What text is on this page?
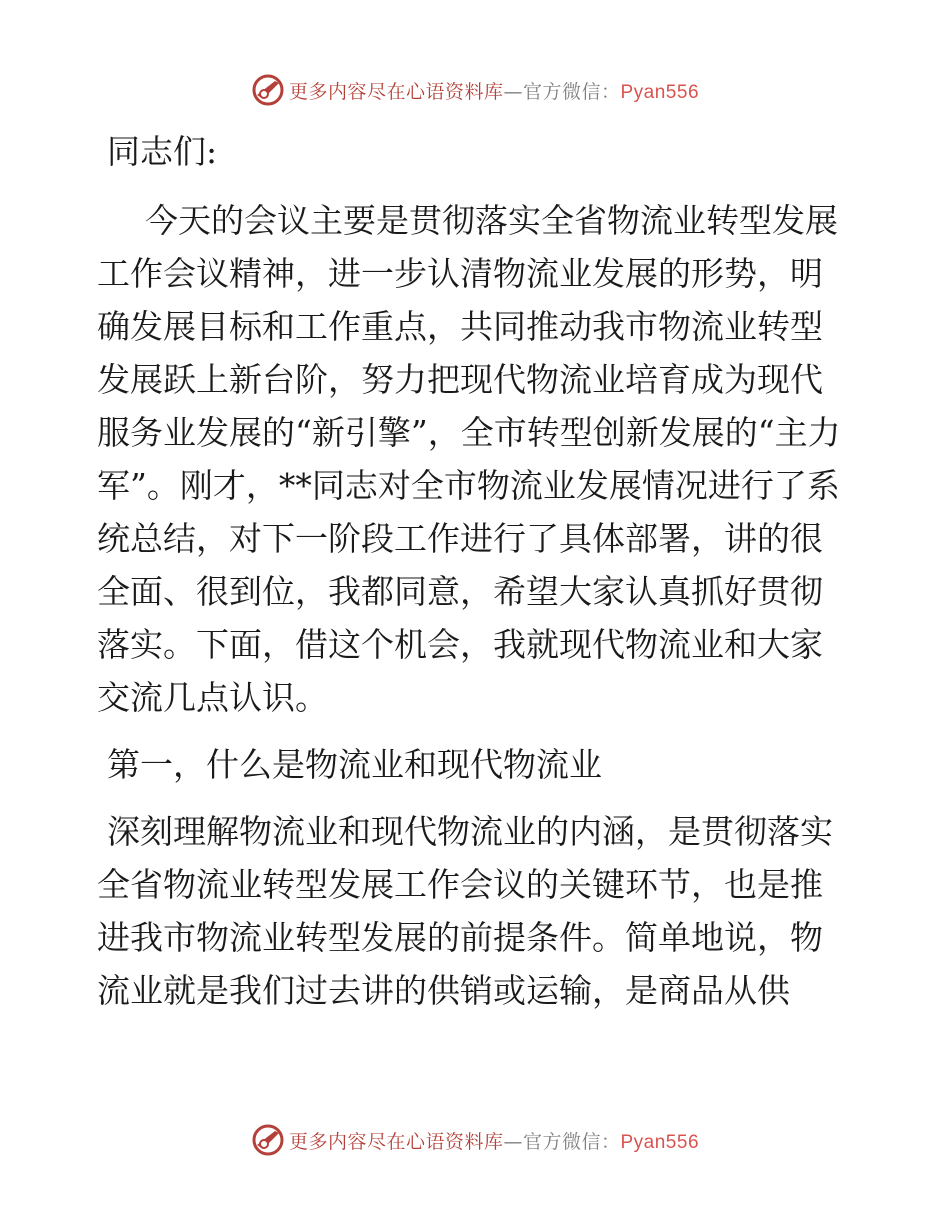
更多内容尽在心语资料库—官方微信：Pyan556

同志们:

今天的会议主要是贯彻落实全省物流业转型发展工作会议精神，进一步认清物流业发展的形势，明确发展目标和工作重点，共同推动我市物流业转型发展跃上新台阶，努力把现代物流业培育成为现代服务业发展的“新引擎”，全市转型创新发展的“主力军”。刚才，**同志对全市物流业发展情况进行了系统总结，对下一阶段工作进行了具体部署，讲的很全面、很到位，我都同意，希望大家认真抓好贯彻落实。下面，借这个机会，我就现代物流业和大家交流几点认识。

第一，什么是物流业和现代物流业

深刻理解物流业和现代物流业的内涵，是贯彻落实全省物流业转型发展工作会议的关键环节，也是推进我市物流业转型发展的前提条件。简单地说，物流业就是我们过去讲的供销或运输，是商品从供

更多内容尽在心语资料库—官方微信：Pyan556
